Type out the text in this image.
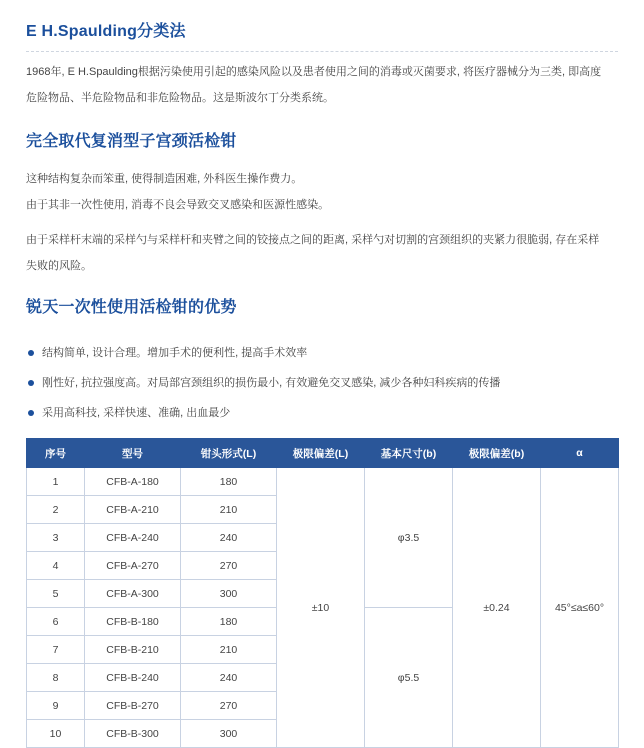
E H.Spaulding分类法

1968年, E H.Spaulding根据污染使用引起的感染风险以及患者使用之间的消毒或灭菌要求, 将医疗器械分为三类, 即高度

危险物品、半危险物品和非危险物品。这是斯波尔丁分类系统。

完全取代复消型子宫颈活检钳

这种结构复杂而笨重, 使得制造困难, 外科医生操作费力。

由于其非一次性使用, 消毒不良会导致交叉感染和医源性感染。

由于采样杆末端的采样勺与采样杆和夹臂之间的铰接点之间的距离, 采样勺对切割的宫颈组织的夹紧力很脆弱, 存在采样

失败的风险。

锐天一次性使用活检钳的优势
结构简单, 设计合理。增加手术的便利性, 提高手术效率
刚性好, 抗拉强度高。对局部宫颈组织的损伤最小, 有效避免交叉感染, 减少各种妇科疾病的传播
采用高科技, 采样快速、准确, 出血最少
序号	型号	钳头形式(L)	极限偏差(L)	基本尺寸(b)	极限偏差(b)	α
1	CFB-A-180	180	±10	φ3.5	±0.24	45°≤a≤60°
2	CFB-A-210	210				
3	CFB-A-240	240				
4	CFB-A-270	270				
5	CFB-A-300	300				
6	CFB-B-180	180		φ5.5		
7	CFB-B-210	210				
8	CFB-B-240	240				
9	CFB-B-270	270				
10	CFB-B-300	300				
